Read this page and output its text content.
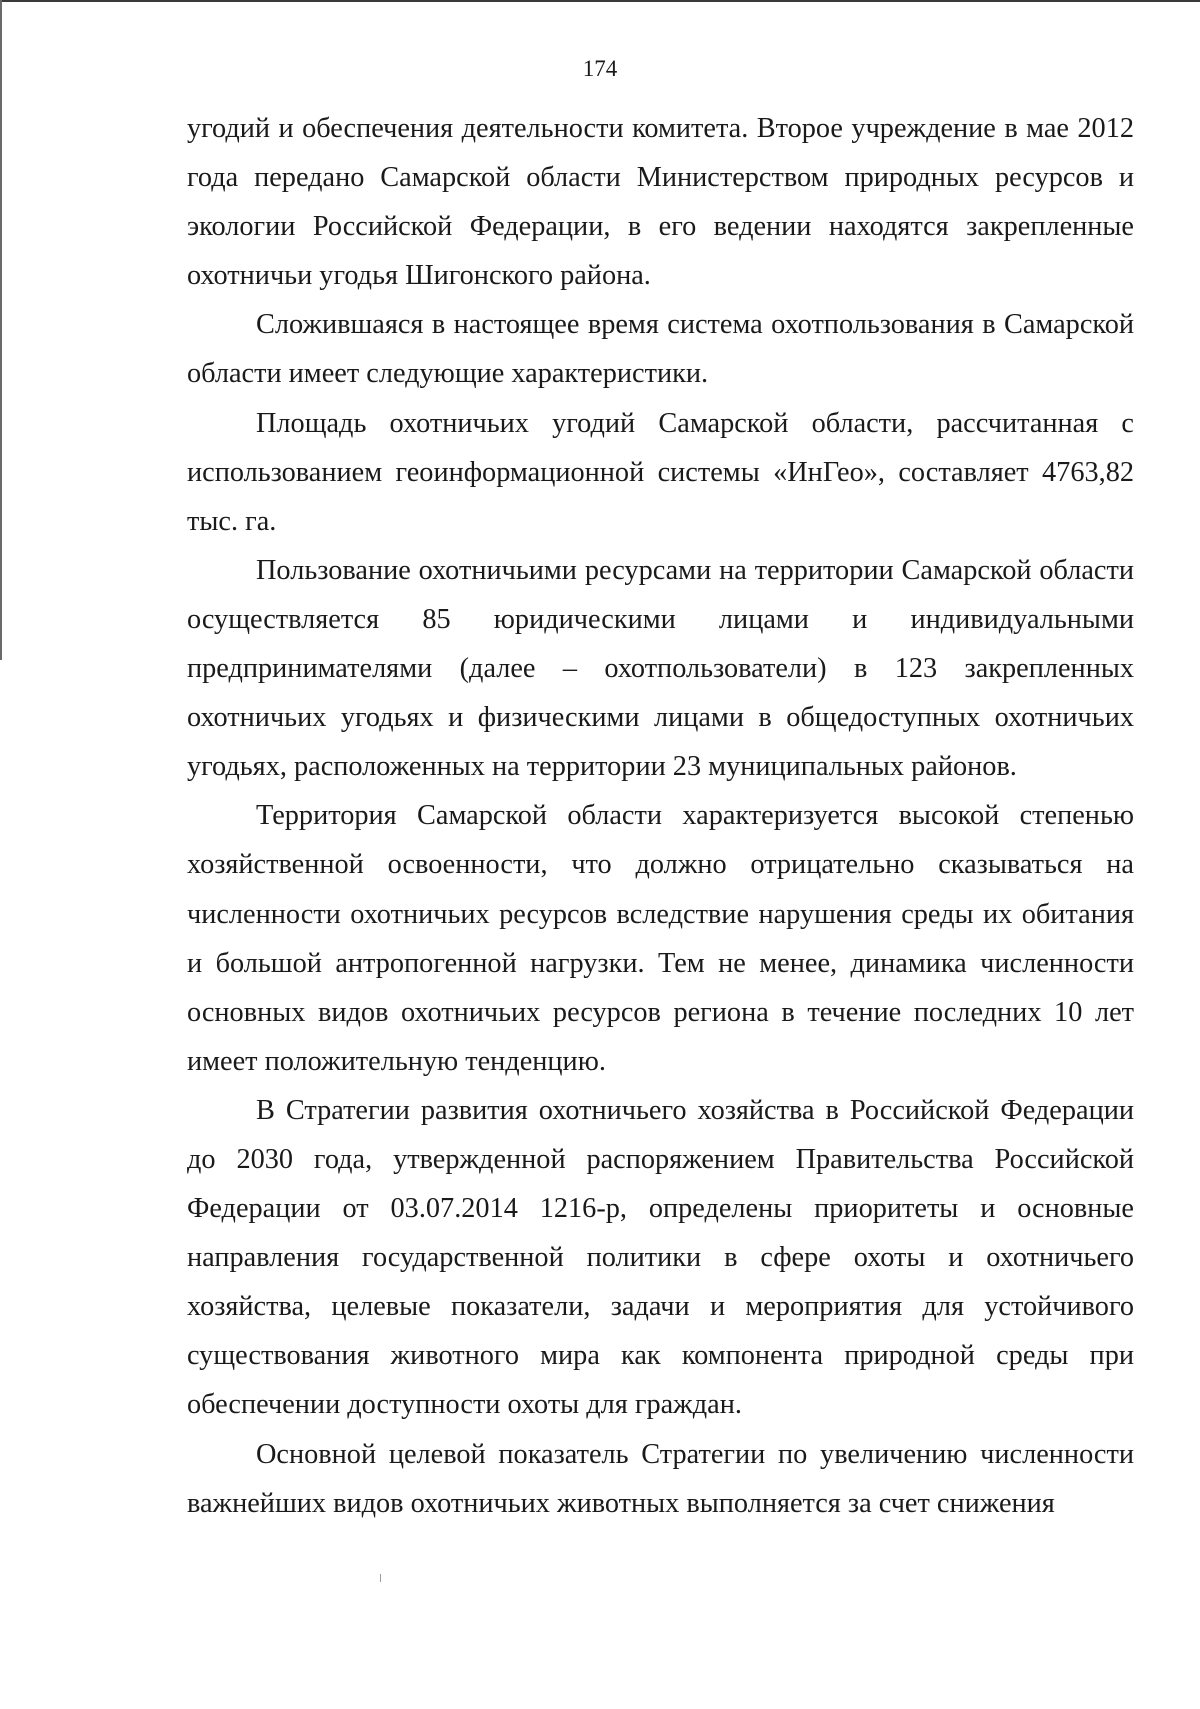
174

угодий и обеспечения деятельности комитета. Второе учреждение в мае 2012 года передано Самарской области Министерством природных ресурсов и экологии Российской Федерации, в его ведении находятся закрепленные охотничьи угодья Шигонского района.

Сложившаяся в настоящее время система охотпользования в Самарской области имеет следующие характеристики.

Площадь охотничьих угодий Самарской области, рассчитанная с использованием геоинформационной системы «ИнГео», составляет 4763,82 тыс. га.

Пользование охотничьими ресурсами на территории Самарской области осуществляется 85 юридическими лицами и индивидуальными предпринимателями (далее – охотпользователи) в 123 закрепленных охотничьих угодьях и физическими лицами в общедоступных охотничьих угодьях, расположенных на территории 23 муниципальных районов.

Территория Самарской области характеризуется высокой степенью хозяйственной освоенности, что должно отрицательно сказываться на численности охотничьих ресурсов вследствие нарушения среды их обитания и большой антропогенной нагрузки. Тем не менее, динамика численности основных видов охотничьих ресурсов региона в течение последних 10 лет имеет положительную тенденцию.

В Стратегии развития охотничьего хозяйства в Российской Федерации до 2030 года, утвержденной распоряжением Правительства Российской Федерации от 03.07.2014 1216-р, определены приоритеты и основные направления государственной политики в сфере охоты и охотничьего хозяйства, целевые показатели, задачи и мероприятия для устойчивого существования животного мира как компонента природной среды при обеспечении доступности охоты для граждан.

Основной целевой показатель Стратегии по увеличению численности важнейших видов охотничьих животных выполняется за счет снижения
